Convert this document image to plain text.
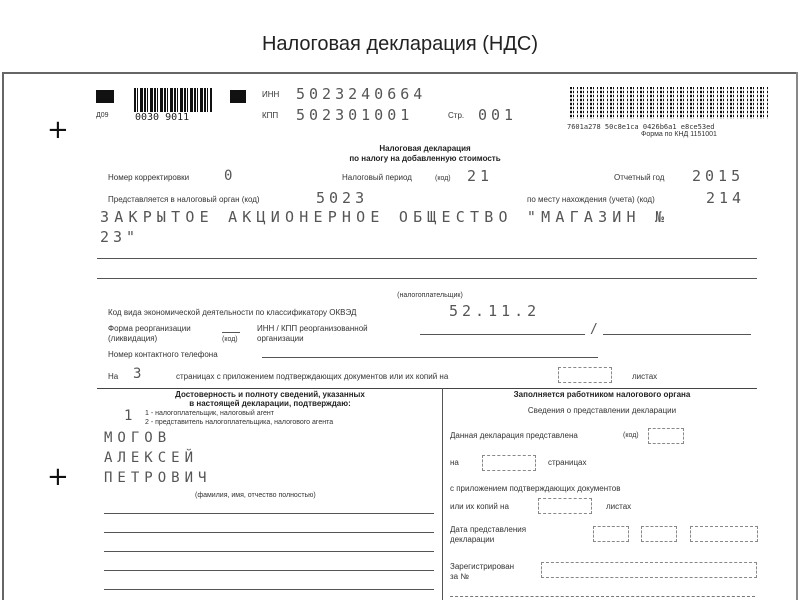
Налоговая декларация (НДС)
Д09	0030 9011
ИНН 5023240664
КПП 502301001	Стр. 001
7601a278 50c8e1ca 0426b6a1 e8ce53ed
Форма по КНД 1151001
+
+
Налоговая декларация
по налогу на добавленную стоимость
Номер корректировки 0	Налоговый период	(код) 21	Отчетный год 2015
Представляется в налоговый орган (код)	5023	по месту нахождения (учета) (код)	214
ЗАКРЫТОЕ АКЦИОНЕРНОЕ ОБЩЕСТВО "МАГАЗИН №
23"
(налогоплательщик)
Код вида экономической деятельности по классификатору ОКВЭД	52.11.2
Форма реорганизации
(ликвидация)	(код)
ИНН / КПП реорганизованной
организации
/
Номер контактного телефона
На 3	страницах с приложением подтверждающих документов или их копий на	листах
Достоверность и полноту сведений, указанных
в настоящей декларации, подтверждаю:
1 1 - налогоплательщик, налоговый агент
2 - представитель налогоплательщика, налогового агента
МОГОВ
АЛЕКСЕЙ
ПЕТРОВИЧ
(фамилия, имя, отчество полностью)
Заполняется работником налогового органа
Сведения о представлении декларации
Данная декларация представлена	(код)
на	страницах
с приложением подтверждающих документов
или их копий на	листах
Дата представления
декларации
Зарегистрирован
за №
